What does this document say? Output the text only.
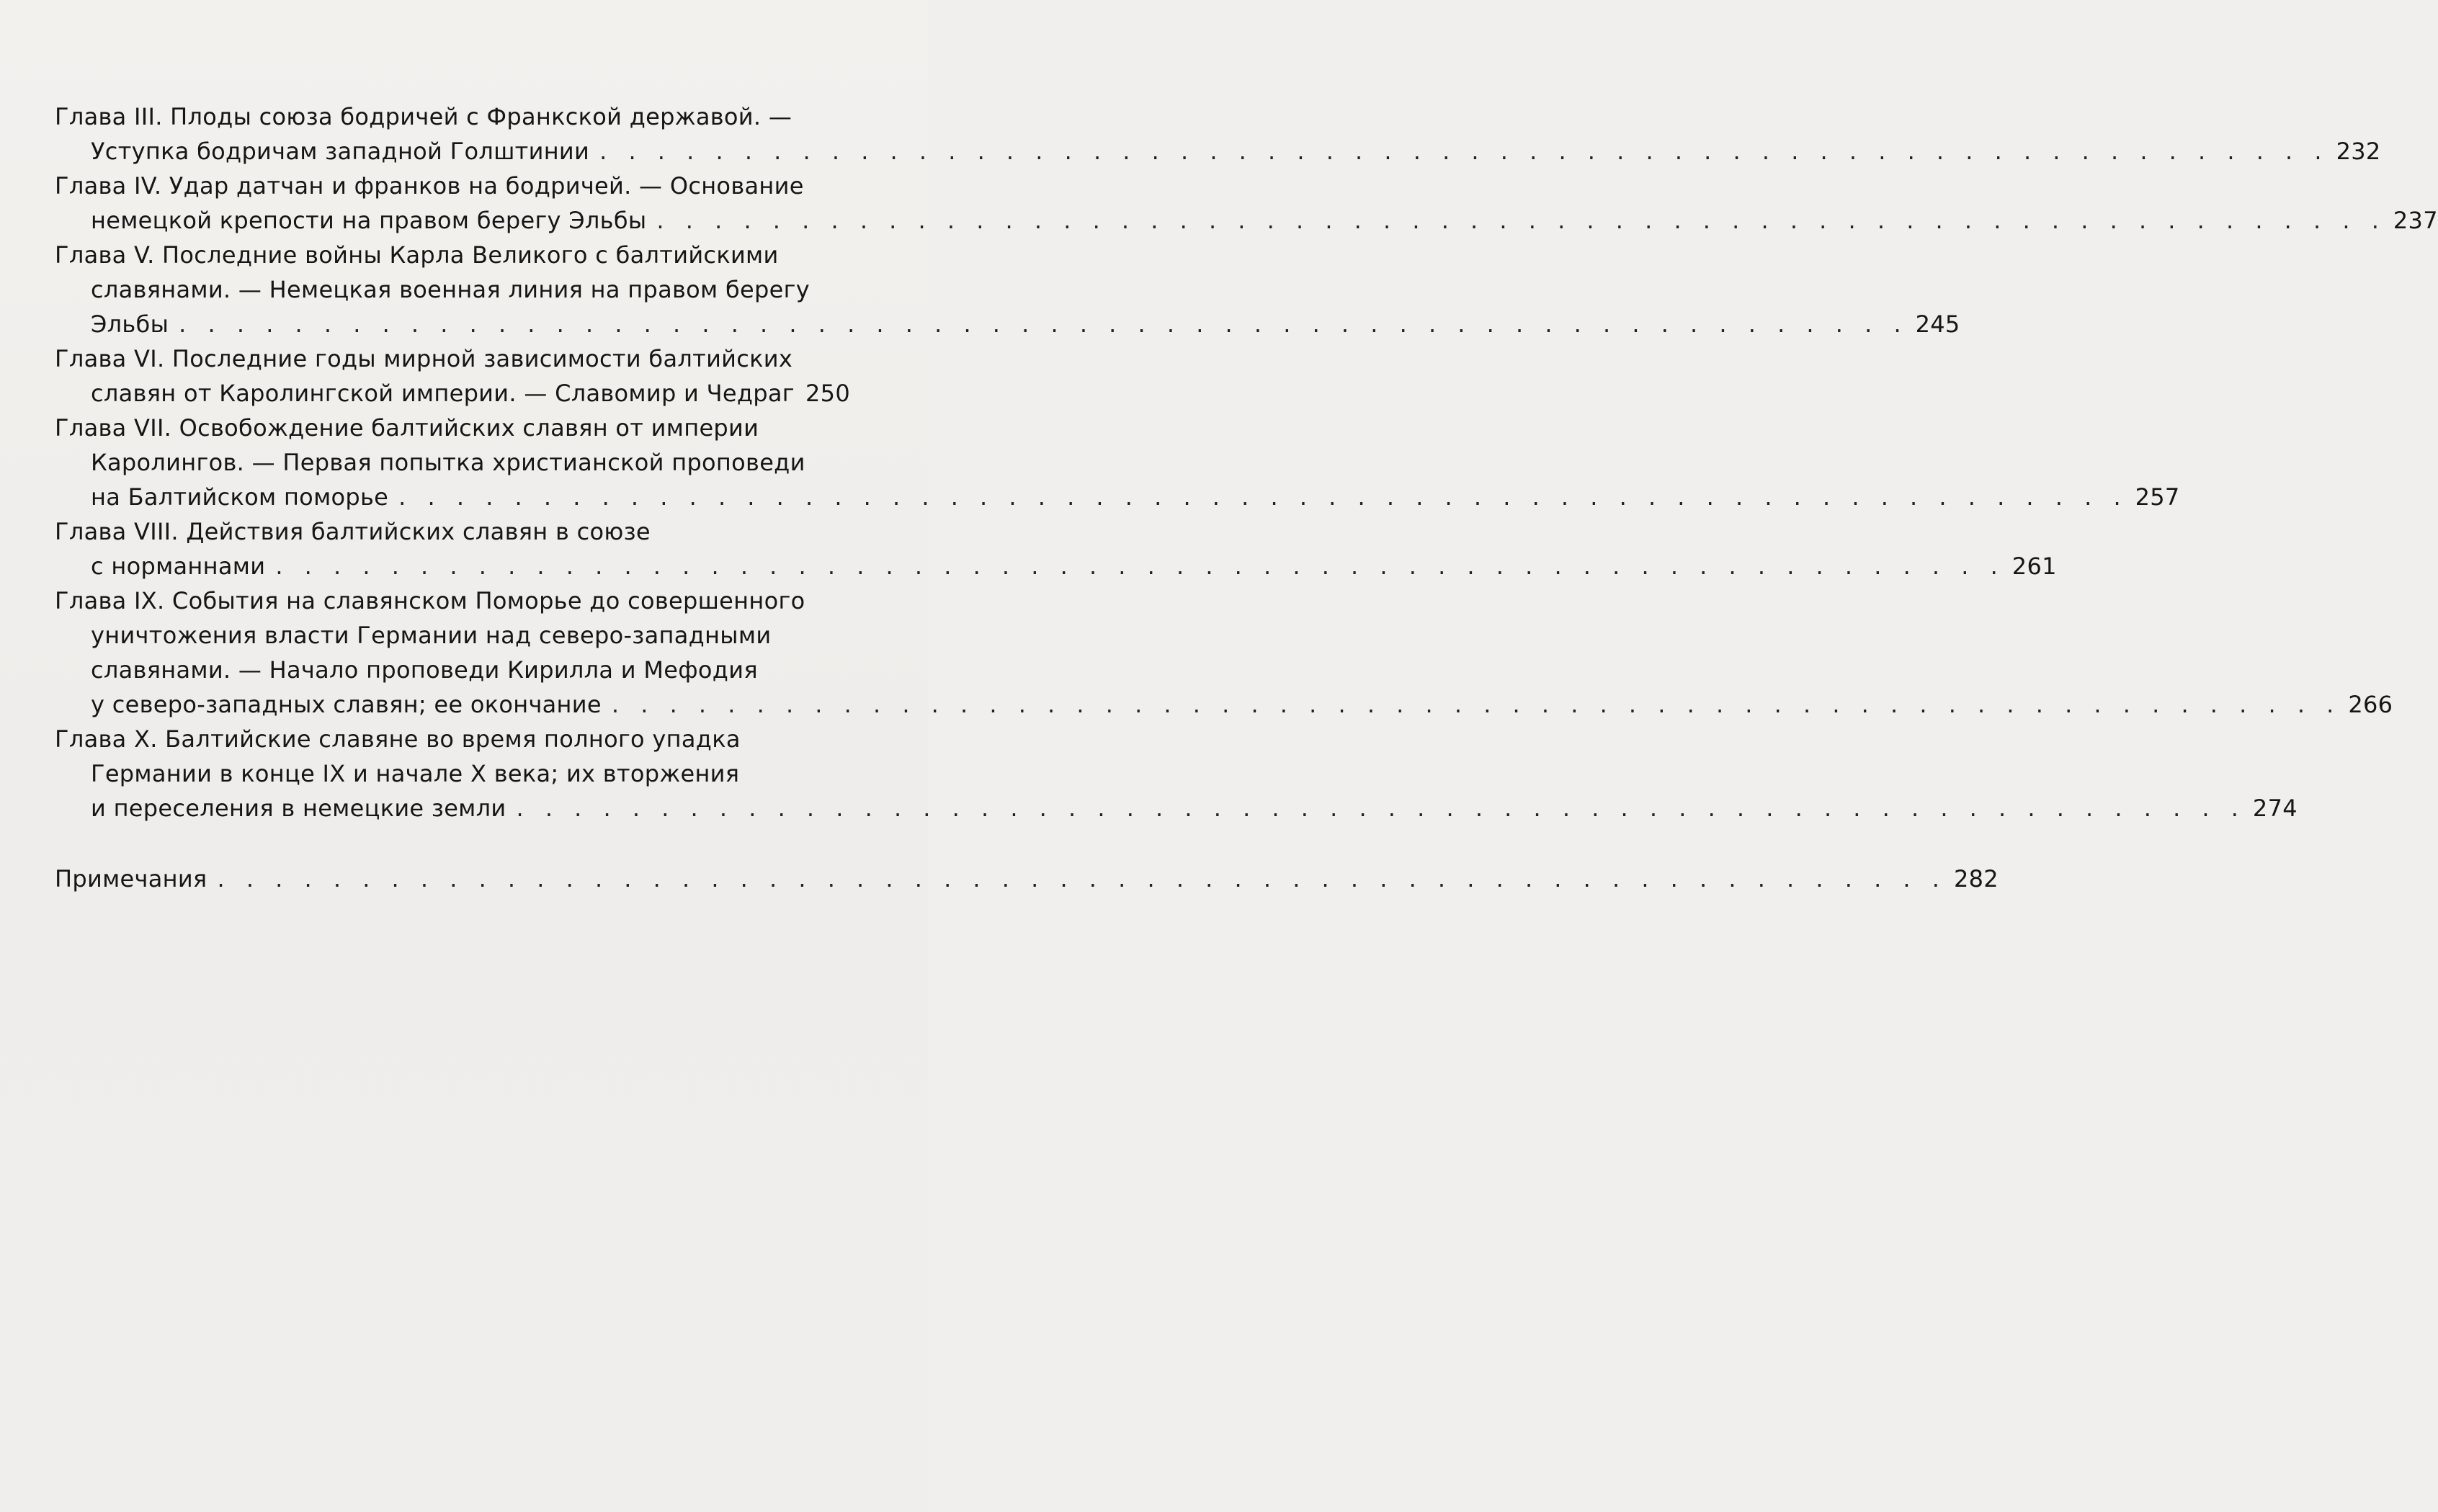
Глава III. Плоды союза бодричей с Франкской державой. —
Уступка бодричам западной Голштинии . . . . . . . . . . . . . . . . . . . . . . . . . . . . . . . . . . . . . . . . . . . . . . . . . . . . . . . . . . . . 232
Глава IV. Удар датчан и франков на бодричей. — Основание
немецкой крепости на правом берегу Эльбы . . . . . . . . . . . . . . . . . . . . . . . . . . . . . . . . . . . . . . . . . . . . . . . . . . . . . . . . . . . . 237
Глава V. Последние войны Карла Великого с балтийскими
славянами. — Немецкая военная линия на правом берегу
Эльбы . . . . . . . . . . . . . . . . . . . . . . . . . . . . . . . . . . . . . . . . . . . . . . . . . . . . . . . . . . . . 245
Глава VI. Последние годы мирной зависимости балтийских
славян от Каролингской империи. — Славомир и Чедраг 250
Глава VII. Освобождение балтийских славян от империи
Каролингов. — Первая попытка христианской проповеди
на Балтийском поморье . . . . . . . . . . . . . . . . . . . . . . . . . . . . . . . . . . . . . . . . . . . . . . . . . . . . . . . . . . . . 257
Глава VIII. Действия балтийских славян в союзе
с норманнами . . . . . . . . . . . . . . . . . . . . . . . . . . . . . . . . . . . . . . . . . . . . . . . . . . . . . . . . . . . . 261
Глава IX. События на славянском Поморье до совершенного
уничтожения власти Германии над северо-западными
славянами. — Начало проповеди Кирилла и Мефодия
у северо-западных славян; ее окончание . . . . . . . . . . . . . . . . . . . . . . . . . . . . . . . . . . . . . . . . . . . . . . . . . . . . . . . . . . . . 266
Глава X. Балтийские славяне во время полного упадка
Германии в конце IX и начале X века; их вторжения
и переселения в немецкие земли . . . . . . . . . . . . . . . . . . . . . . . . . . . . . . . . . . . . . . . . . . . . . . . . . . . . . . . . . . . . 274
Примечания . . . . . . . . . . . . . . . . . . . . . . . . . . . . . . . . . . . . . . . . . . . . . . . . . . . . . . . . . . . . 282
